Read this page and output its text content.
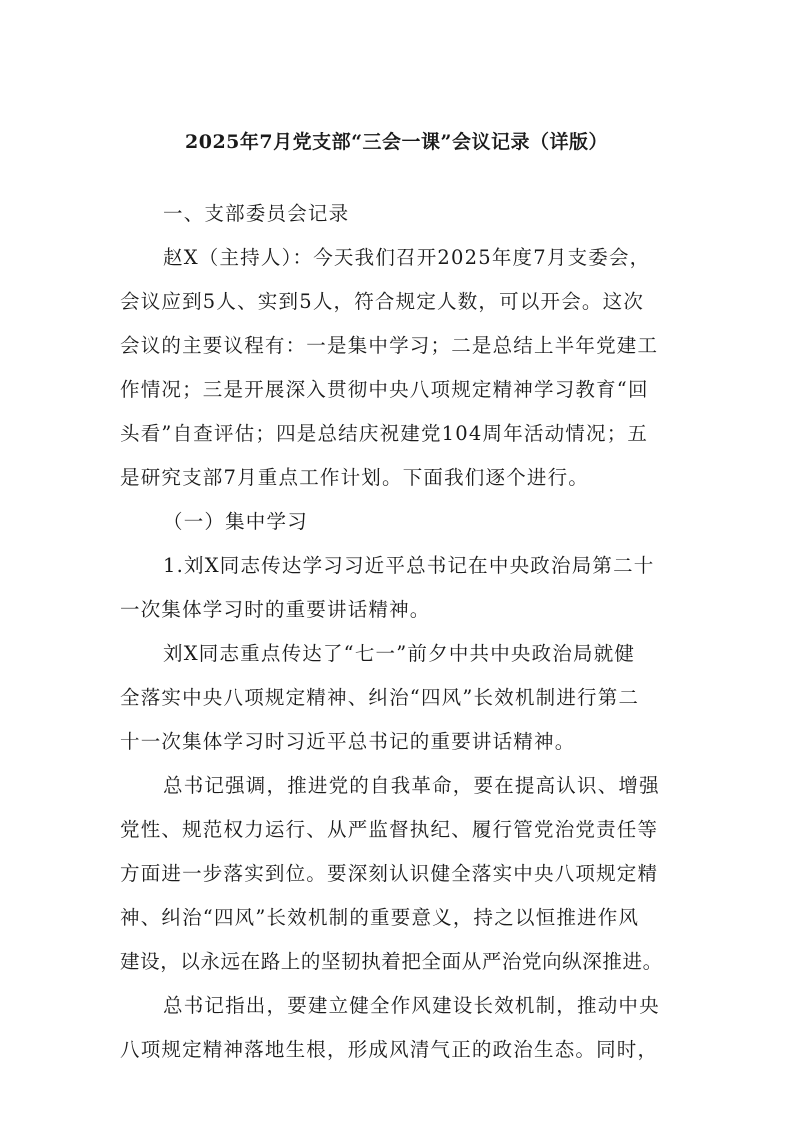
2025年7月党支部“三会一课”会议记录（详版）
一、支部委员会记录
赵X（主持人）：今天我们召开2025年度7月支委会，
会议应到5人、实到5人，符合规定人数，可以开会。这次
会议的主要议程有：一是集中学习；二是总结上半年党建工
作情况；三是开展深入贯彻中央八项规定精神学习教育“回
头看”自查评估；四是总结庆祝建党104周年活动情况；五
是研究支部7月重点工作计划。下面我们逐个进行。
（一）集中学习
1.刘X同志传达学习习近平总书记在中央政治局第二十
一次集体学习时的重要讲话精神。
刘X同志重点传达了“七一”前夕中共中央政治局就健
全落实中央八项规定精神、纠治“四风”长效机制进行第二
十一次集体学习时习近平总书记的重要讲话精神。
总书记强调，推进党的自我革命，要在提高认识、增强
党性、规范权力运行、从严监督执纪、履行管党治党责任等
方面进一步落实到位。要深刻认识健全落实中央八项规定精
神、纠治“四风”长效机制的重要意义，持之以恒推进作风
建设，以永远在路上的坚韧执着把全面从严治党向纵深推进。
总书记指出，要建立健全作风建设长效机制，推动中央
八项规定精神落地生根，形成风清气正的政治生态。同时，
